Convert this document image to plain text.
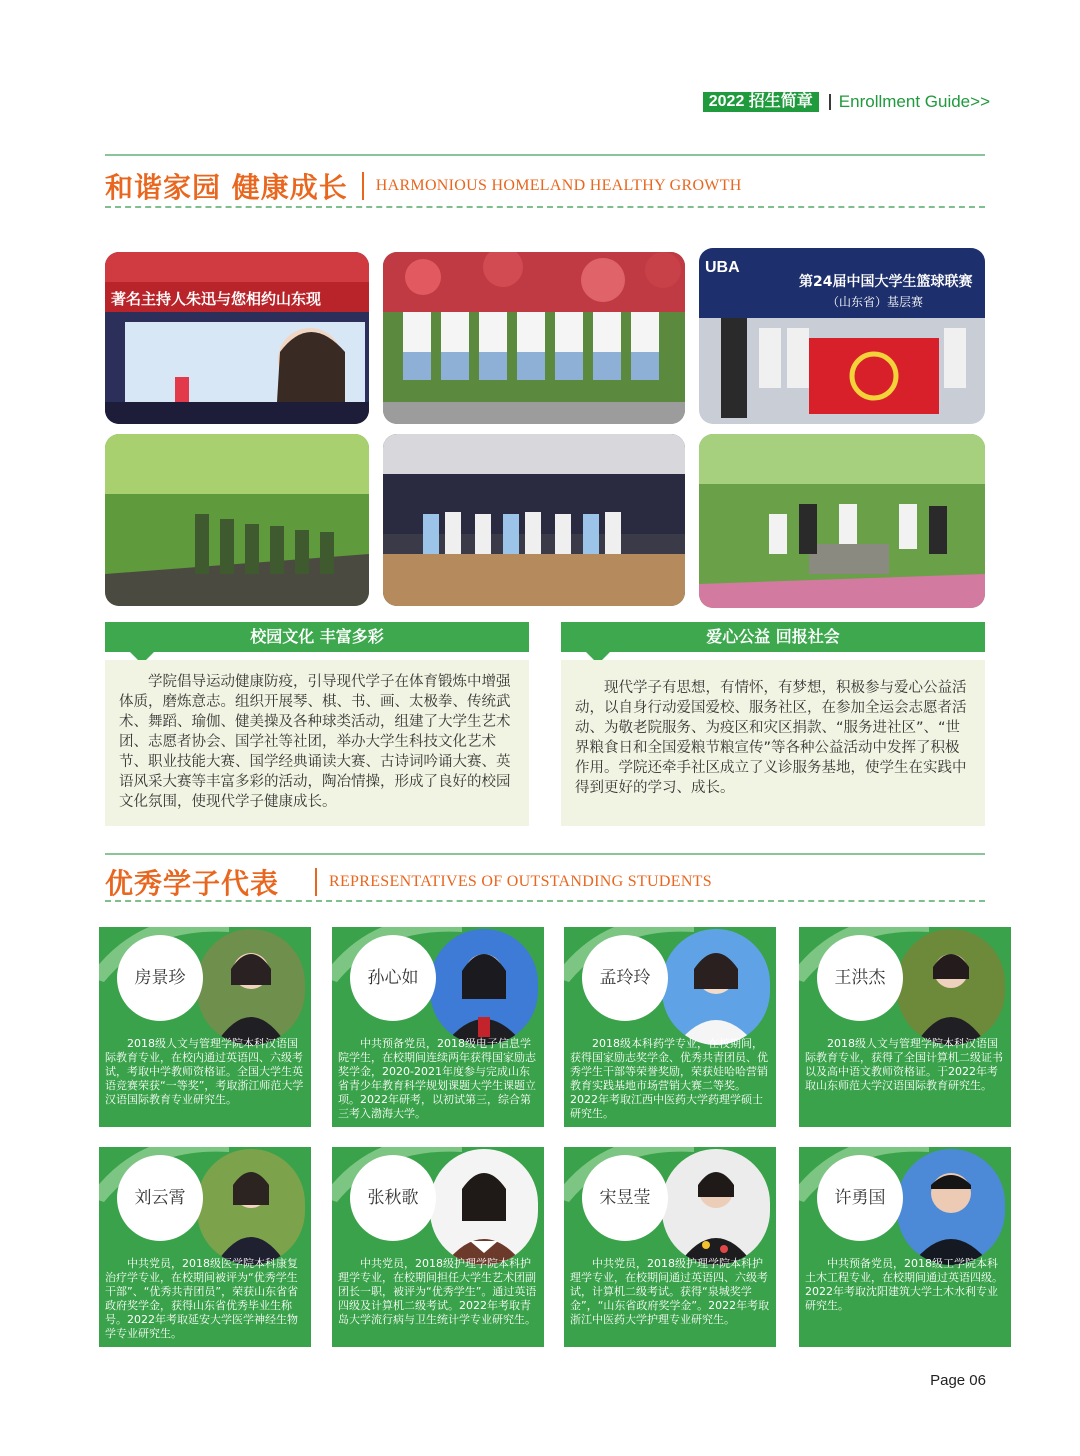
2022 招生简章	Enrollment Guide>>
和谐家园 健康成长 HARMONIOUS HOMELAND HEALTHY GROWTH
著名主持人朱迅与您相约山东现
UBA
第24届中国大学生篮球联赛
（山东省）基层赛
校园文化 丰富多彩
学院倡导运动健康防疫，引导现代学子在体育锻炼中增强体质，磨炼意志。组织开展琴、棋、书、画、太极拳、传统武术、舞蹈、瑜伽、健美操及各种球类活动，组建了大学生艺术团、志愿者协会、国学社等社团，举办大学生科技文化艺术节、职业技能大赛、国学经典诵读大赛、古诗词吟诵大赛、英语风采大赛等丰富多彩的活动，陶冶情操，形成了良好的校园文化氛围，使现代学子健康成长。
爱心公益 回报社会
现代学子有思想，有情怀，有梦想，积极参与爱心公益活动，以自身行动爱国爱校、服务社区，在参加全运会志愿者活动、为敬老院服务、为疫区和灾区捐款、“服务进社区”、“世界粮食日和全国爱粮节粮宣传”等各种公益活动中发挥了积极作用。学院还牵手社区成立了义诊服务基地，使学生在实践中得到更好的学习、成长。
优秀学子代表	REPRESENTATIVES OF OUTSTANDING STUDENTS
房景珍
2018级人文与管理学院本科汉语国际教育专业，在校内通过英语四、六级考试，考取中学教师资格证。全国大学生英语竞赛荣获“一等奖”，考取浙江师范大学汉语国际教育专业研究生。
孙心如
中共预备党员，2018级电子信息学院学生，在校期间连续两年获得国家励志奖学金，2020-2021年度参与完成山东省青少年教育科学规划课题大学生课题立项。2022年研考，以初试第三，综合第三考入渤海大学。
孟玲玲
2018级本科药学专业，在校期间，获得国家励志奖学金、优秀共青团员、优秀学生干部等荣誉奖励，荣获娃哈哈营销教育实践基地市场营销大赛二等奖。2022年考取江西中医药大学药理学硕士研究生。
王洪杰
2018级人文与管理学院本科汉语国际教育专业，获得了全国计算机二级证书以及高中语文教师资格证。于2022年考取山东师范大学汉语国际教育研究生。
刘云霄
中共党员，2018级医学院本科康复治疗学专业，在校期间被评为“优秀学生干部”、“优秀共青团员”，荣获山东省省政府奖学金，获得山东省优秀毕业生称号。2022年考取延安大学医学神经生物学专业研究生。
张秋歌
中共党员，2018级护理学院本科护理学专业，在校期间担任大学生艺术团副团长一职，被评为“优秀学生”。通过英语四级及计算机二级考试。2022年考取青岛大学流行病与卫生统计学专业研究生。
宋昱莹
中共党员，2018级护理学院本科护理学专业，在校期间通过英语四、六级考试，计算机二级考试。获得“泉城奖学金”，“山东省政府奖学金”。2022年考取浙江中医药大学护理专业研究生。
许勇国
中共预备党员，2018级工学院本科土木工程专业，在校期间通过英语四级。2022年考取沈阳建筑大学土木水利专业研究生。
Page 06
